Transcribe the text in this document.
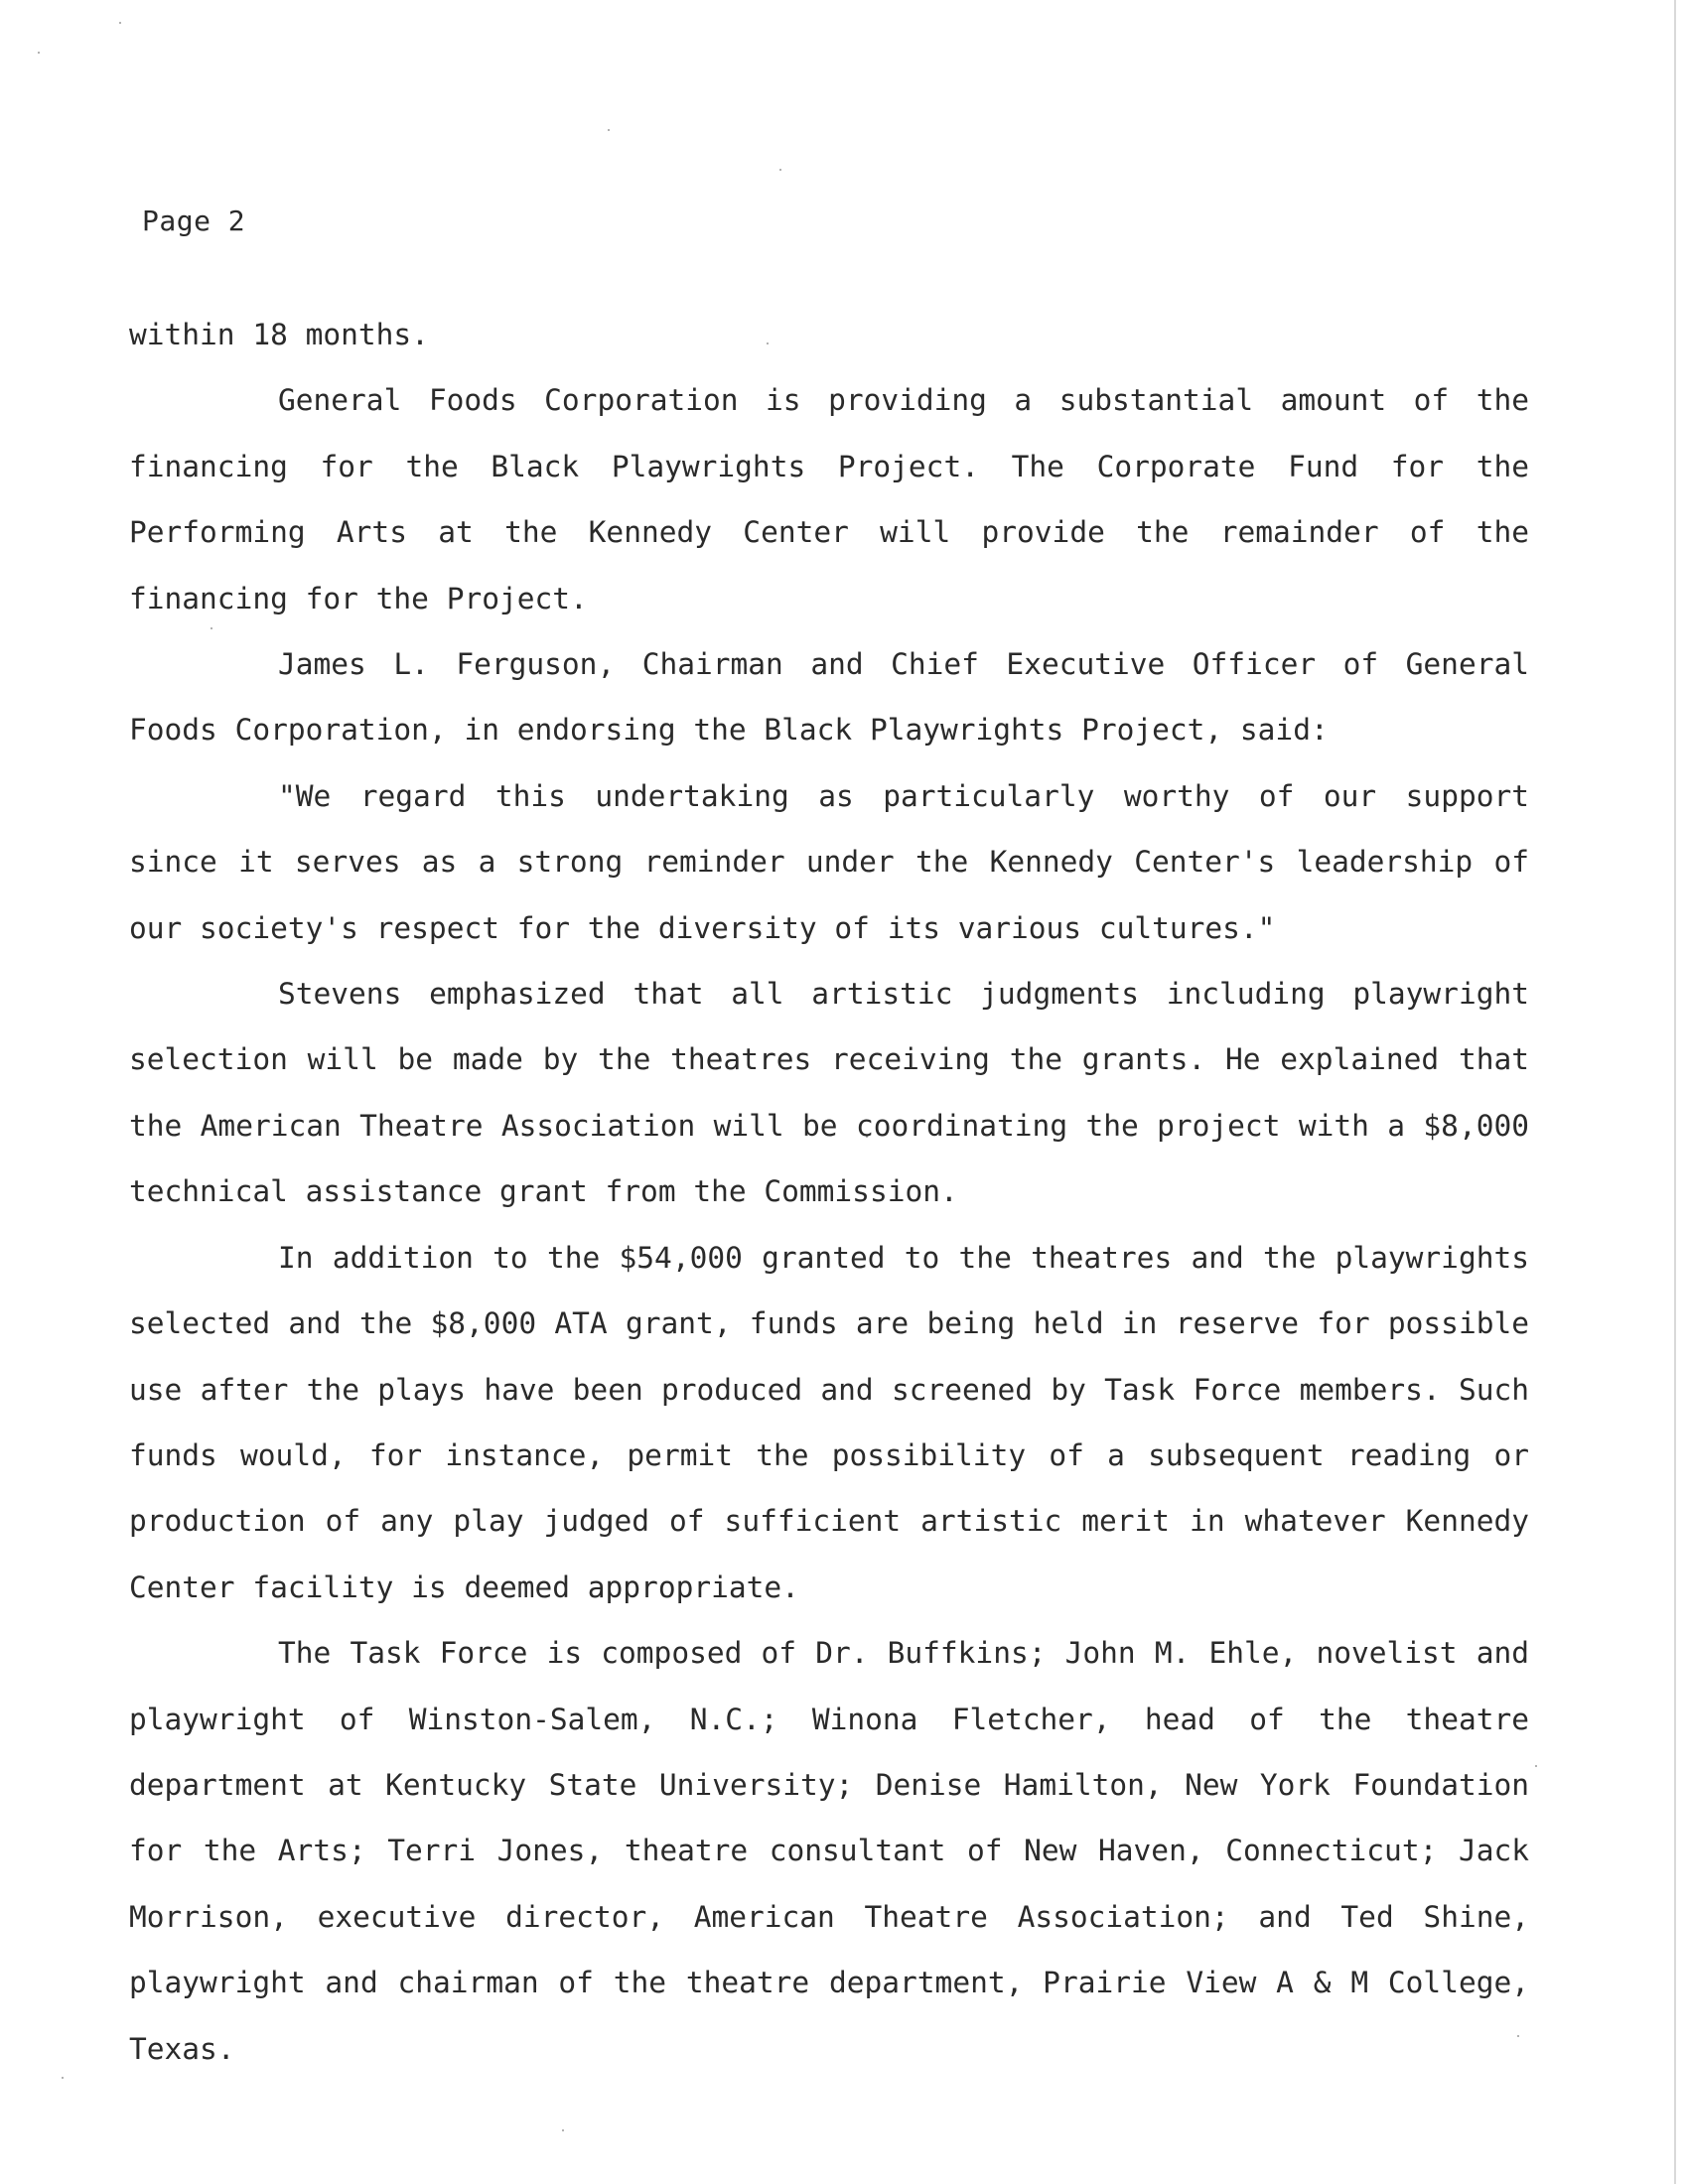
Page 2

within 18 months.

General Foods Corporation is providing a substantial amount of the financing for the Black Playwrights Project. The Corporate Fund for the Performing Arts at the Kennedy Center will provide the remainder of the financing for the Project.

James L. Ferguson, Chairman and Chief Executive Officer of General Foods Corporation, in endorsing the Black Playwrights Project, said:

"We regard this undertaking as particularly worthy of our support since it serves as a strong reminder under the Kennedy Center's leadership of our society's respect for the diversity of its various cultures."

Stevens emphasized that all artistic judgments including playwright selection will be made by the theatres receiving the grants. He explained that the American Theatre Association will be coordinating the project with a $8,000 technical assistance grant from the Commission.

In addition to the $54,000 granted to the theatres and the playwrights selected and the $8,000 ATA grant, funds are being held in reserve for possible use after the plays have been produced and screened by Task Force members. Such funds would, for instance, permit the possibility of a subsequent reading or production of any play judged of sufficient artistic merit in whatever Kennedy Center facility is deemed appropriate.

The Task Force is composed of Dr. Buffkins; John M. Ehle, novelist and playwright of Winston-Salem, N.C.; Winona Fletcher, head of the theatre department at Kentucky State University; Denise Hamilton, New York Foundation for the Arts; Terri Jones, theatre consultant of New Haven, Connecticut; Jack Morrison, executive director, American Theatre Association; and Ted Shine, playwright and chairman of the theatre department, Prairie View A & M College, Texas.
